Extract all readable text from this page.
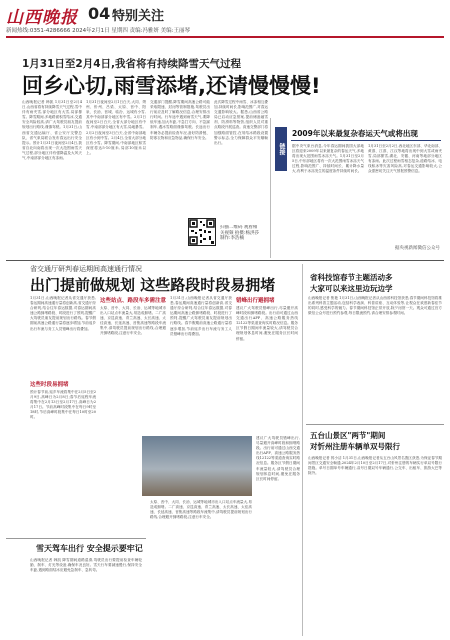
山西晚报 04 特别关注
新闻热线:0351-4286666 2024年2月1日 星期四 责编:冯雅妍 美编:王丽琴
1月31日至2月4日,我省将有持续降雪天气过程
回乡心切,雨雪添堵,还请慢慢慢!
山西晚报记者 韩凯 1月31日至2月4日,山西省将有持续降雪天气过程,雪中伴有雨夹雪,部分地区有大雪,局部暴雪。降雪期间,多地路面积雪结冰,交通安全风险较高,请广大驾驶员朋友提前规划出行路线,谨慎驾驶。1月31日,山西省交通运输厅、省公安厅交警总队、省气象局联合发布春运出行安全提示。预计1月31日夜间至2月4日,我省自北向南将出现一次大范围雨雪天气过程,部分地区伴有强降温及大风天气,中南部部分地区有冻雨。
1月31日夜间至2月1日白天,大同、朔州、忻州、吕梁、太原、晋中、阳泉、长治、晋城、临汾、运城有小雪,其中中南部部分地区有中雪。2月1日夜间至2日白天,全省大部分地区有中雪,中南部部分地区有大雪,局地暴雪。2月2日夜间至3日白天,全省中南部地区有小到中雪。2月4日,全省大部分地区有小雪。降雪期间,中南部地区积雪深度将达5-10厘米,局部10厘米以上。
交通部门提醒,降雪期间高速公路可能采取限速、封闭等管制措施,驾驶员出行前应及时了解路况信息,合理安排出行时间。行车途中遇到雨雪天气,要降低车速,加大车距,不急打方向、不急踩刹车,遇冰雪路面谨慎驾驶。长途出行车辆务必提前检查车况,备好防滑链、防寒衣物和应急物品,确保行车安全。
此次降雪过程中雨雪、冰冻相互叠加,持续时间长,影响范围广,对春运交通影响较大。据悉,山西省公路局已启动应急预案,提前储备融雪剂、防滑料等物资,组织人员对重点路段开展巡查。高速交警部门将加强路面管控,在易结冰路段设置警示标志,全力保障群众平安顺畅出行。
扫描二维码 观看相关视频 拍摄:杨洪莎 制作:李浩楠
链接
2009年以来最复杂春运天气或将出现
据中央气象台消息,今年春运期间我国大部地区将迎来2009年以来最复杂的春运天气,多地将出现大范围雨雪冰冻天气。1月31日至2月5日,中东部地区将有一次大范围雨雪冰冻天气过程,影响范围广、持续时间长、累计降水量大,有利于冰冻发生的温度条件持续时间长。
1月31日至2月2日,西北地区东部、华北南部、黄淮、江淮、江汉等地将出现中到大雪或雨夹雪,局部暴雪,湖北、安徽、河南等地部分地区有冻雨。此次过程雨雪相态复杂,道路结冰、电线积冰等灾害风险高,对春运交通影响较大,公众需密切关注天气预报预警信息。
据央视新闻微信公众号
省交通厅研判春运期间高速通行情况
出门提前做规划 这些路段时段易拥堵
1月31日,山西晚报记者从省交通厅获悉,春运期间高速通行量将创新高,省交通厅综合研判,结合往年春运数据,对春运期间高速公路拥堵路段、时段进行了预判,提醒广大驾驶员朋友提前规划出行路线。春节假期前高速公路通行量将逐步增加,节前返乡出行车流与务工人员错峰出行将叠加。
这些时段易拥堵
预计春节前,返乡车流将集中在2月5日至2月9日,高峰日为2月8日;春节后返程车流将集中在2月13日至2月17日,高峰日为2月17日。节前高峰时段集中在每日9时至18时,节后高峰时段集中在每日10时至20时。
这些站点、路段车多需注意
太原、晋中、大同、长治、运城等地城市出入口站点车流量大,易造成拥堵。二广高速、京昆高速、青兰高速、太长高速、太佳高速、长延高速、晋焦高速等路段车流集中,请驾驶员提前规划出行路线,合理避开拥堵路段,注意行车安全。
1月31日,山西晚报记者从省交通厅获悉,春运期间高速通行量将创新高,省交通厅综合研判,结合往年春运数据,对春运期间高速公路拥堵路段、时段进行了预判,提醒广大驾驶员朋友提前规划出行路线。春节假期前高速公路通行量将逐步增加,节前返乡出行车流与务工人员错峰出行将叠加。
错峰出行避拥堵
建议广大驾驶员错峰出行,尽量避开高峰时段和拥堵路段。出行前可通过山西交通出行APP、高速公路服务热线12122等渠道查询实时路况信息。服务区节假日期间车流量较大,请驾驶员合理规划休息时间,避免在服务区长时间停留。
建议广大驾驶员错峰出行,尽量避开高峰时段和拥堵路段。出行前可通过山西交通出行APP、高速公路服务热线12122等渠道查询实时路况信息。服务区节假日期间车流量较大,请驾驶员合理规划休息时间,避免在服务区长时间停留。
太原、晋中、大同、长治、运城等地城市出入口站点车流量大,易造成拥堵。二广高速、京昆高速、青兰高速、太长高速、太佳高速、长延高速、晋焦高速等路段车流集中,请驾驶员提前规划出行路线,合理避开拥堵路段,注意行车安全。
雪天驾车出行 安全提示要牢记
山西晚报记者 韩凯 降雪期间道路湿滑,驾驶员出行要提前检查车辆轮胎、刹车、灯光等设备,确保车况良好。雪天行车要减速慢行,保持安全车距,遇到路面结冰应避免急刹车、急转弯。
省科技馆春节主题活动多
大家可以来这里边玩边学
山西晚报记者 焦艳 1月31日,山西晚报记者从山西省科技馆获悉,春节期间科技馆将推出系列科普主题活动,包括科学表演、科普讲座、互动体验等,让观众在欢度新春佳节的同时,感受科学的魅力。春节期间科技馆正常开放,除夕闭馆一天。观众可通过官方微信公众号进行预约参观,每日限流预约,请合理安排参观时间。
五台山景区"两节"期间
对忻州注册车辆单双号限行
山西晚报记者 郭小洁 1月31日,山西晚报记者从五台山风景名胜区获悉,为保证春节期间景区交通安全畅通,2024年2月10日至2月17日,对忻州注册的车辆实行单双号限行措施。单号日期单号车辆通行,双号日期双号车辆通行,公交车、出租车、旅游大巴等除外。
